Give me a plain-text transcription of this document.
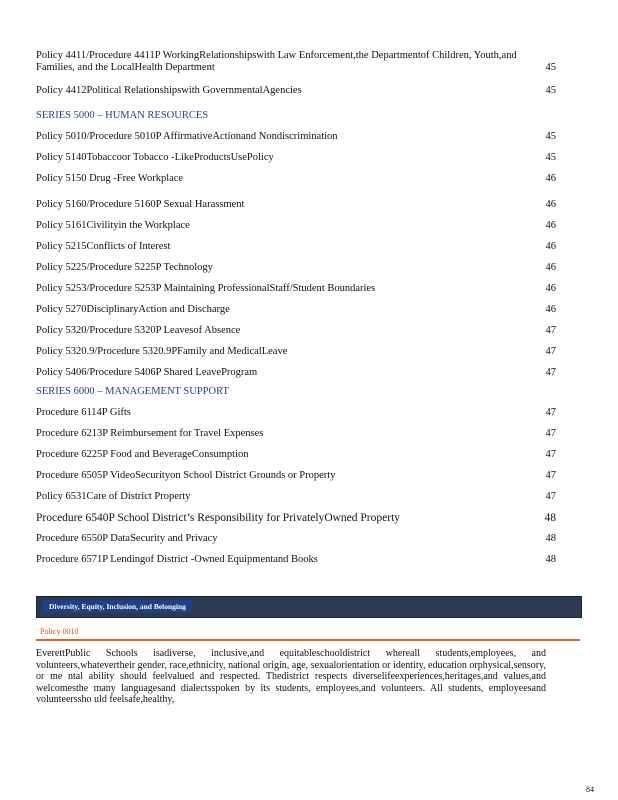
Policy 4411/Procedure 4411P WorkingRelationshipswith Law Enforcement,the Departmentof Children, Youth,and Families, and the LocalHealth Department	45
Policy 4412Political Relationshipswith GovernmentalAgencies	45
SERIES 5000 – HUMAN RESOURCES
Policy 5010/Procedure 5010P AffirmativeActionand Nondiscrimination	45
Policy 5140Tobaccoor Tobacco -LikeProductsUsePolicy	45
Policy 5150 Drug -Free Workplace	46
Policy 5160/Procedure 5160P Sexual Harassment	46
Policy 5161Civilityin the Workplace	46
Policy 5215Conflicts of Interest	46
Policy 5225/Procedure 5225P Technology	46
Policy 5253/Procedure 5253P Maintaining ProfessionalStaff/Student Boundaries	46
Policy 5270DisciplinaryAction and Discharge	46
Policy 5320/Procedure 5320P Leavesof Absence	47
Policy 5320.9/Procedure 5320.9PFamily and MedicalLeave	47
Policy 5406/Procedure 5406P Shared LeaveProgram	47
SERIES 6000 – MANAGEMENT SUPPORT
Procedure 6114P Gifts	47
Procedure 6213P Reimbursement for Travel Expenses	47
Procedure 6225P Food and BeverageConsumption	47
Procedure 6505P VideoSecurityon School District Grounds or Property	47
Policy 6531Care of District Property	47
Procedure 6540P School District’s Responsibility for PrivatelyOwned Property	48
Procedure 6550P DataSecurity and Privacy	48
Procedure 6571P Lendingof District -Owned Equipmentand Books	48
Diversity, Equity, Inclusion, and Belonging
Policy 0010
EverettPublic Schools isadiverse, inclusive,and equitableschooldistrict whereall students,employees, and volunteers,whatevertheir gender, race,ethnicity, national origin, age, sexualorientation or identity, education orphysical,sensory, or me ntal ability should feelvalued and respected. Thedistrict respects diverselifeexperiences,heritages,and values,and welcomesthe many languagesand dialectsspoken by its students, employees,and volunteers. All students, employeesand volunteerssho uld feelsafe,healthy,
84
